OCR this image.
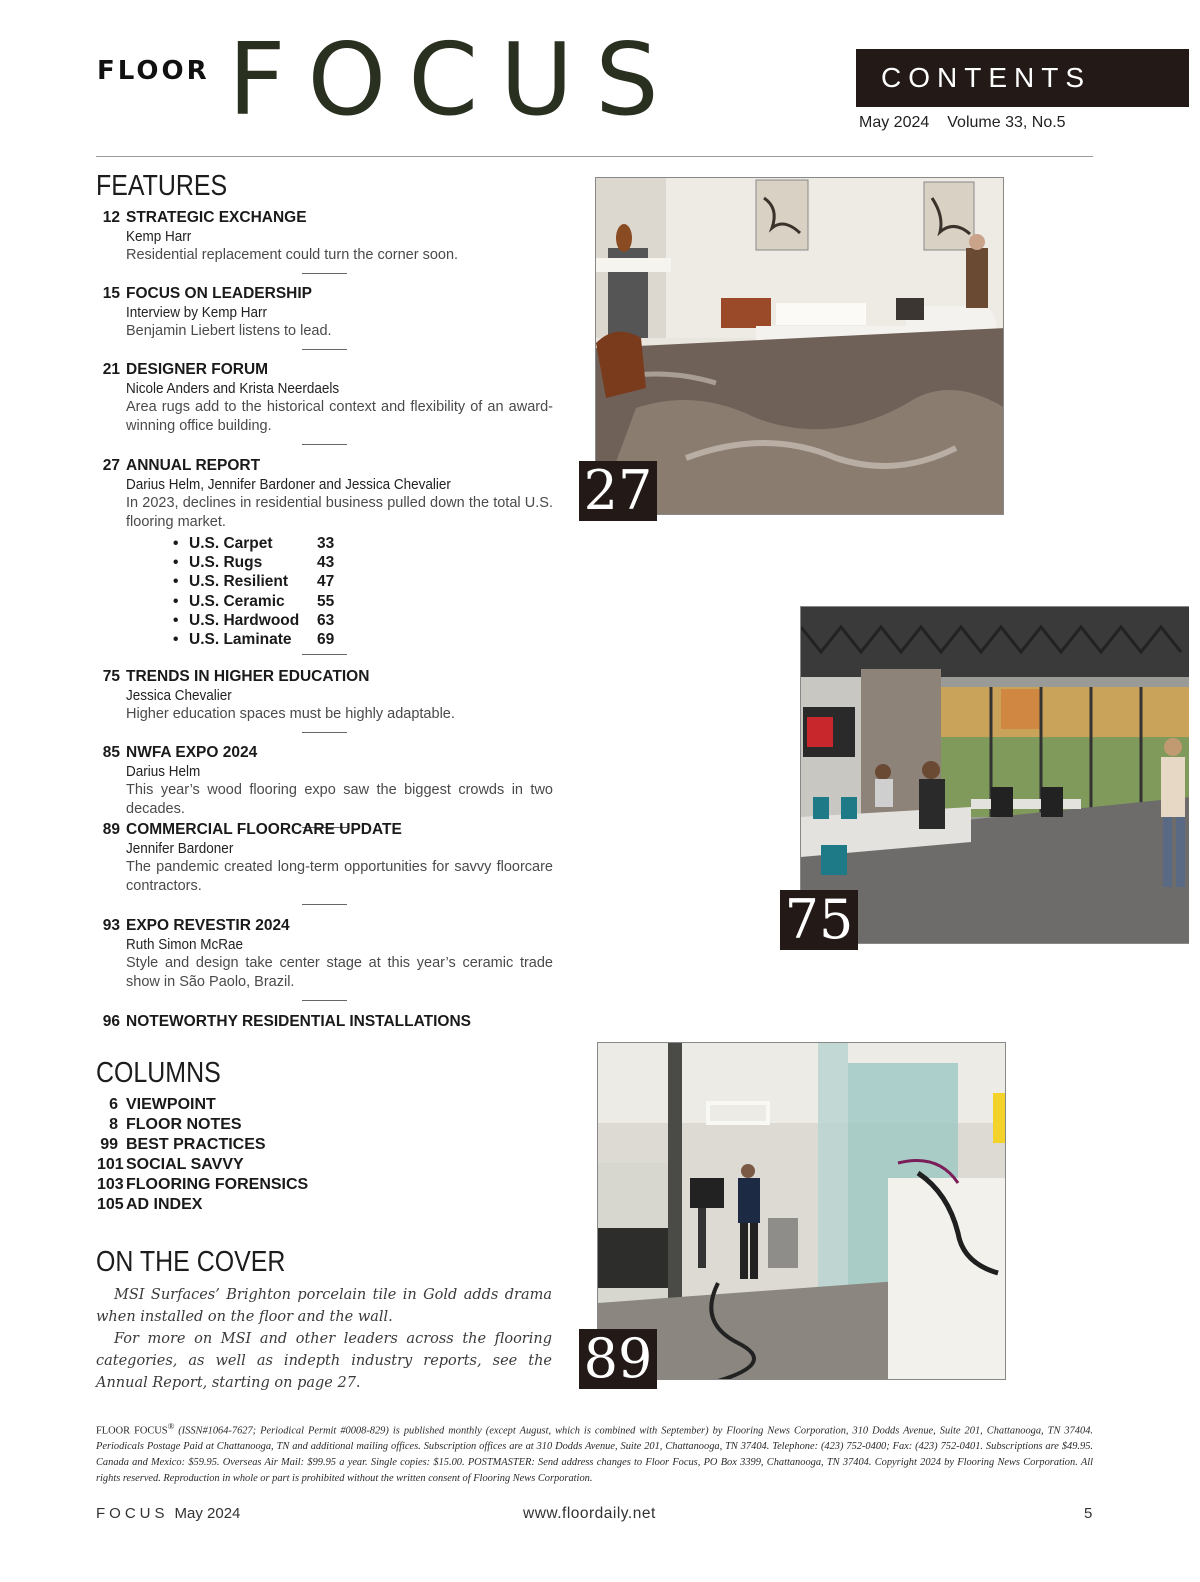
FLOOR FOCUS	CONTENTS
May 2024 Volume 33, No.5
FEATURES
12 STRATEGIC EXCHANGE
Kemp Harr
Residential replacement could turn the corner soon.
15 FOCUS ON LEADERSHIP
Interview by Kemp Harr
Benjamin Liebert listens to lead.
21 DESIGNER FORUM
Nicole Anders and Krista Neerdaels
Area rugs add to the historical context and flexibility of an award-winning office building.
27 ANNUAL REPORT
Darius Helm, Jennifer Bardoner and Jessica Chevalier
In 2023, declines in residential business pulled down the total U.S. flooring market.
• U.S. Carpet	33
• U.S. Rugs	43
• U.S. Resilient	47
• U.S. Ceramic	55
• U.S. Hardwood	63
• U.S. Laminate	69
75 TRENDS IN HIGHER EDUCATION
Jessica Chevalier
Higher education spaces must be highly adaptable.
85 NWFA EXPO 2024
Darius Helm
This year’s wood flooring expo saw the biggest crowds in two decades.
89 COMMERCIAL FLOORCARE UPDATE
Jennifer Bardoner
The pandemic created long-term opportunities for savvy floorcare contractors.
93 EXPO REVESTIR 2024
Ruth Simon McRae
Style and design take center stage at this year’s ceramic trade show in São Paolo, Brazil.
96 NOTEWORTHY RESIDENTIAL INSTALLATIONS
COLUMNS
6 VIEWPOINT
8 FLOOR NOTES
99 BEST PRACTICES
101 SOCIAL SAVVY
103 FLOORING FORENSICS
105 AD INDEX
ON THE COVER
MSI Surfaces’ Brighton porcelain tile in Gold adds drama when installed on the floor and the wall.
For more on MSI and other leaders across the flooring categories, as well as indepth industry reports, see the Annual Report, starting on page 27.
27
75
89
FLOOR FOCUS® (ISSN#1064-7627; Periodical Permit #0008-829) is published monthly (except August, which is combined with September) by Flooring News Corporation, 310 Dodds Avenue, Suite 201, Chattanooga, TN 37404. Periodicals Postage Paid at Chattanooga, TN and additional mailing offices. Subscription offices are at 310 Dodds Avenue, Suite 201, Chattanooga, TN 37404. Telephone: (423) 752-0400; Fax: (423) 752-0401. Subscriptions are $49.95. Canada and Mexico: $59.95. Overseas Air Mail: $99.95 a year. Single copies: $15.00. POSTMASTER: Send address changes to Floor Focus, PO Box 3399, Chattanooga, TN 37404. Copyright 2024 by Flooring News Corporation. All rights reserved. Reproduction in whole or part is prohibited without the written consent of Flooring News Corporation.
FOCUS May 2024	www.floordaily.net	5
